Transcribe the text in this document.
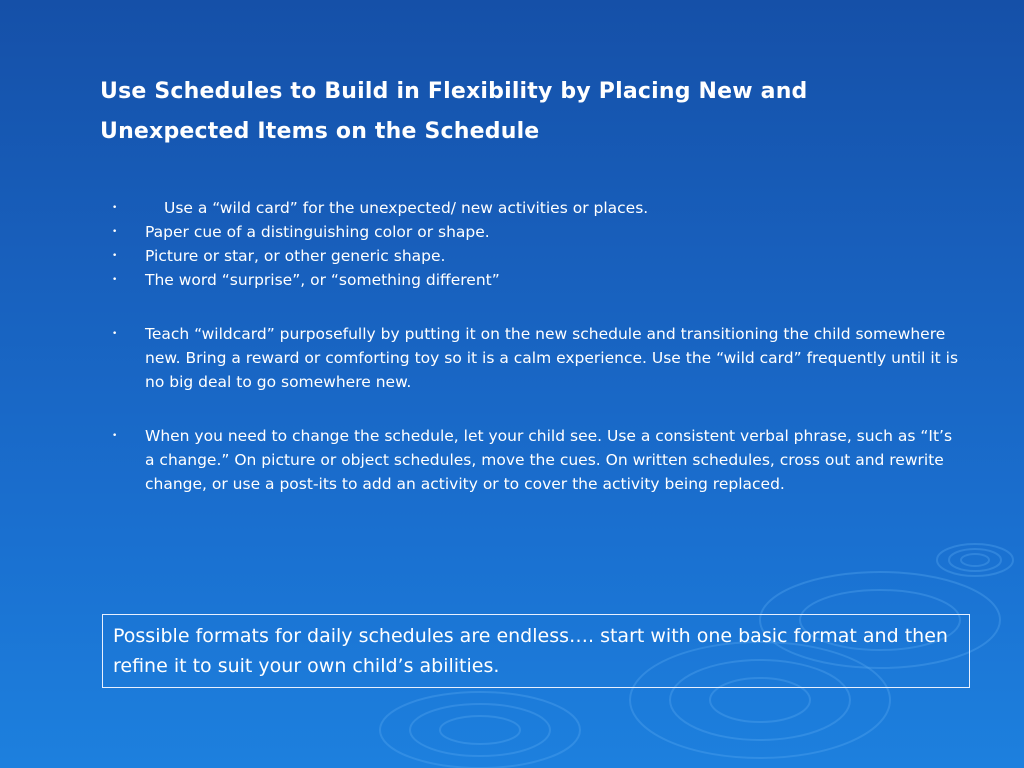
Use Schedules to Build in Flexibility by Placing New and
Unexpected Items on the Schedule
•	Use a “wild card” for the unexpected/ new activities or places.
• Paper cue of a distinguishing color or shape.
• Picture or star, or other generic shape.
• The word “surprise”, or “something different”
• Teach “wildcard” purposefully by putting it on the new schedule and transitioning the child somewhere new. Bring a reward or comforting toy so it is a calm experience. Use the “wild card” frequently until it is no big deal to go somewhere new.
• When you need to change the schedule, let your child see. Use a consistent verbal phrase, such as “It’s a change.” On picture or object schedules, move the cues. On written schedules, cross out and rewrite change, or use a post-its to add an activity or to cover the activity being replaced.
Possible formats for daily schedules are endless…. start with one basic format and then refine it to suit your own child’s abilities.
